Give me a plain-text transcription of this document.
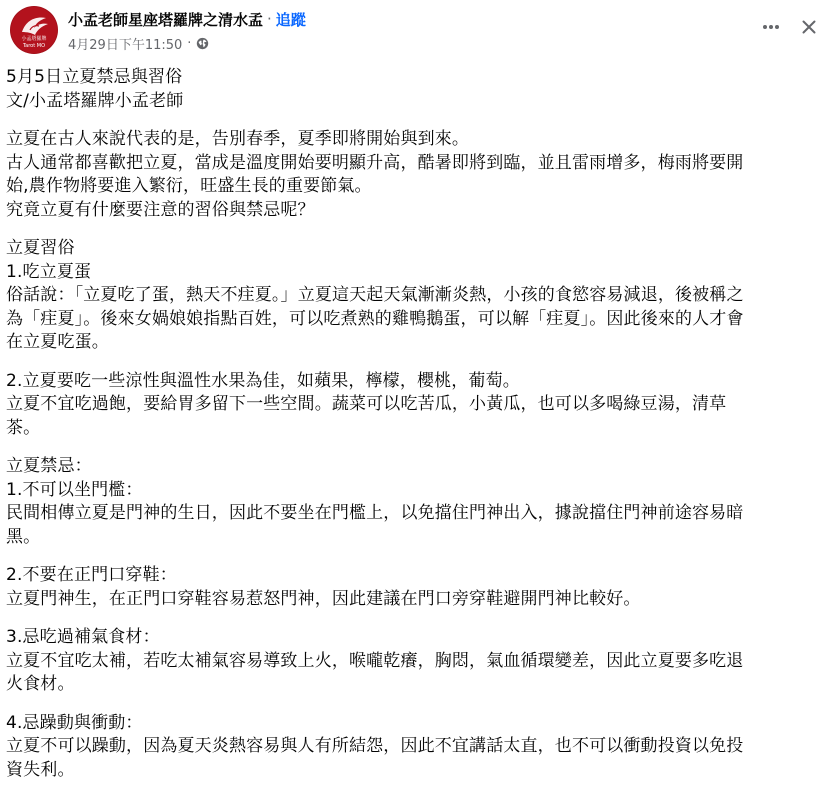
小孟塔羅牌
Tarot MO
小孟老師星座塔羅牌之清水孟 · 追蹤
4月29日下午11:50 ·
5月5日立夏禁忌與習俗
文/小孟塔羅牌小孟老師
立夏在古人來說代表的是，告別春季，夏季即將開始與到來。
古人通常都喜歡把立夏，當成是溫度開始要明顯升高，酷暑即將到臨，並且雷雨增多，梅雨將要開
始,農作物將要進入繁衍，旺盛生長的重要節氣。
究竟立夏有什麼要注意的習俗與禁忌呢？
立夏習俗
1.吃立夏蛋
俗話說：「立夏吃了蛋，熱天不疰夏。」立夏這天起天氣漸漸炎熱，小孩的食慾容易減退，後被稱之
為「疰夏」。後來女媧娘娘指點百姓，可以吃煮熟的雞鴨鵝蛋，可以解「疰夏」。因此後來的人才會
在立夏吃蛋。
2.立夏要吃一些涼性與溫性水果為佳，如蘋果，檸檬，櫻桃，葡萄。
立夏不宜吃過飽，要給胃多留下一些空間。蔬菜可以吃苦瓜，小黃瓜，也可以多喝綠豆湯，清草
茶。
立夏禁忌：
1.不可以坐門檻：
民間相傳立夏是門神的生日，因此不要坐在門檻上，以免擋住門神出入，據說擋住門神前途容易暗
黑。
2.不要在正門口穿鞋：
立夏門神生，在正門口穿鞋容易惹怒門神，因此建議在門口旁穿鞋避開門神比較好。
3.忌吃過補氣食材：
立夏不宜吃太補，若吃太補氣容易導致上火，喉嚨乾癢，胸悶，氣血循環變差，因此立夏要多吃退
火食材。
4.忌躁動與衝動：
立夏不可以躁動，因為夏天炎熱容易與人有所結怨，因此不宜講話太直，也不可以衝動投資以免投
資失利。
